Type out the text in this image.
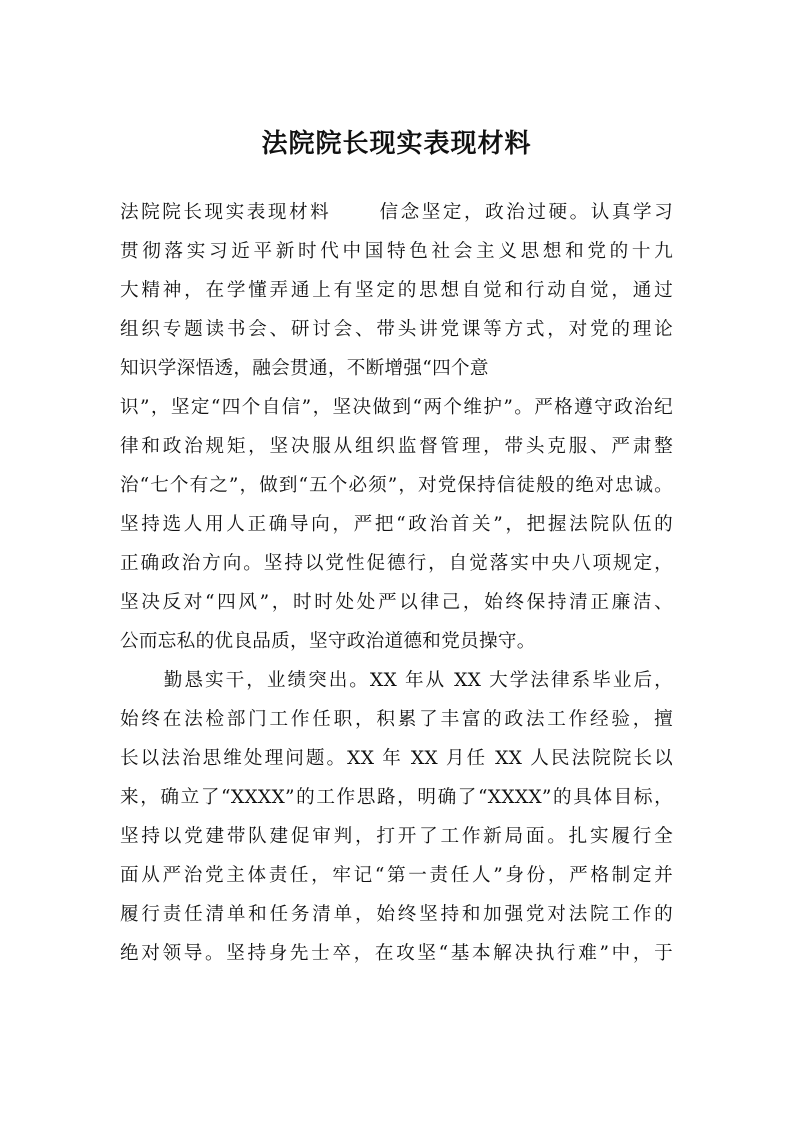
法院院长现实表现材料
法院院长现实表现材料 信念坚定，政治过硬。认真学习
贯彻落实习近平新时代中国特色社会主义思想和党的十九
大精神，在学懂弄通上有坚定的思想自觉和行动自觉，通过
组织专题读书会、研讨会、带头讲党课等方式，对党的理论
知识学深悟透，融会贯通，不断增强“四个意
识”，坚定“四个自信”，坚决做到“两个维护”。严格遵守政治纪
律和政治规矩，坚决服从组织监督管理，带头克服、严肃整
治“七个有之”，做到“五个必须”，对党保持信徒般的绝对忠诚。
坚持选人用人正确导向，严把“政治首关”，把握法院队伍的
正确政治方向。坚持以党性促德行，自觉落实中央八项规定，
坚决反对“四风”，时时处处严以律己，始终保持清正廉洁、
公而忘私的优良品质，坚守政治道德和党员操守。
勤恳实干，业绩突出。XX 年从 XX 大学法律系毕业后，
始终在法检部门工作任职，积累了丰富的政法工作经验，擅
长以法治思维处理问题。XX 年 XX 月任 XX 人民法院院长以
来，确立了“XXXX”的工作思路，明确了“XXXX”的具体目标，
坚持以党建带队建促审判，打开了工作新局面。扎实履行全
面从严治党主体责任，牢记“第一责任人”身份，严格制定并
履行责任清单和任务清单，始终坚持和加强党对法院工作的
绝对领导。坚持身先士卒，在攻坚“基本解决执行难”中，于
